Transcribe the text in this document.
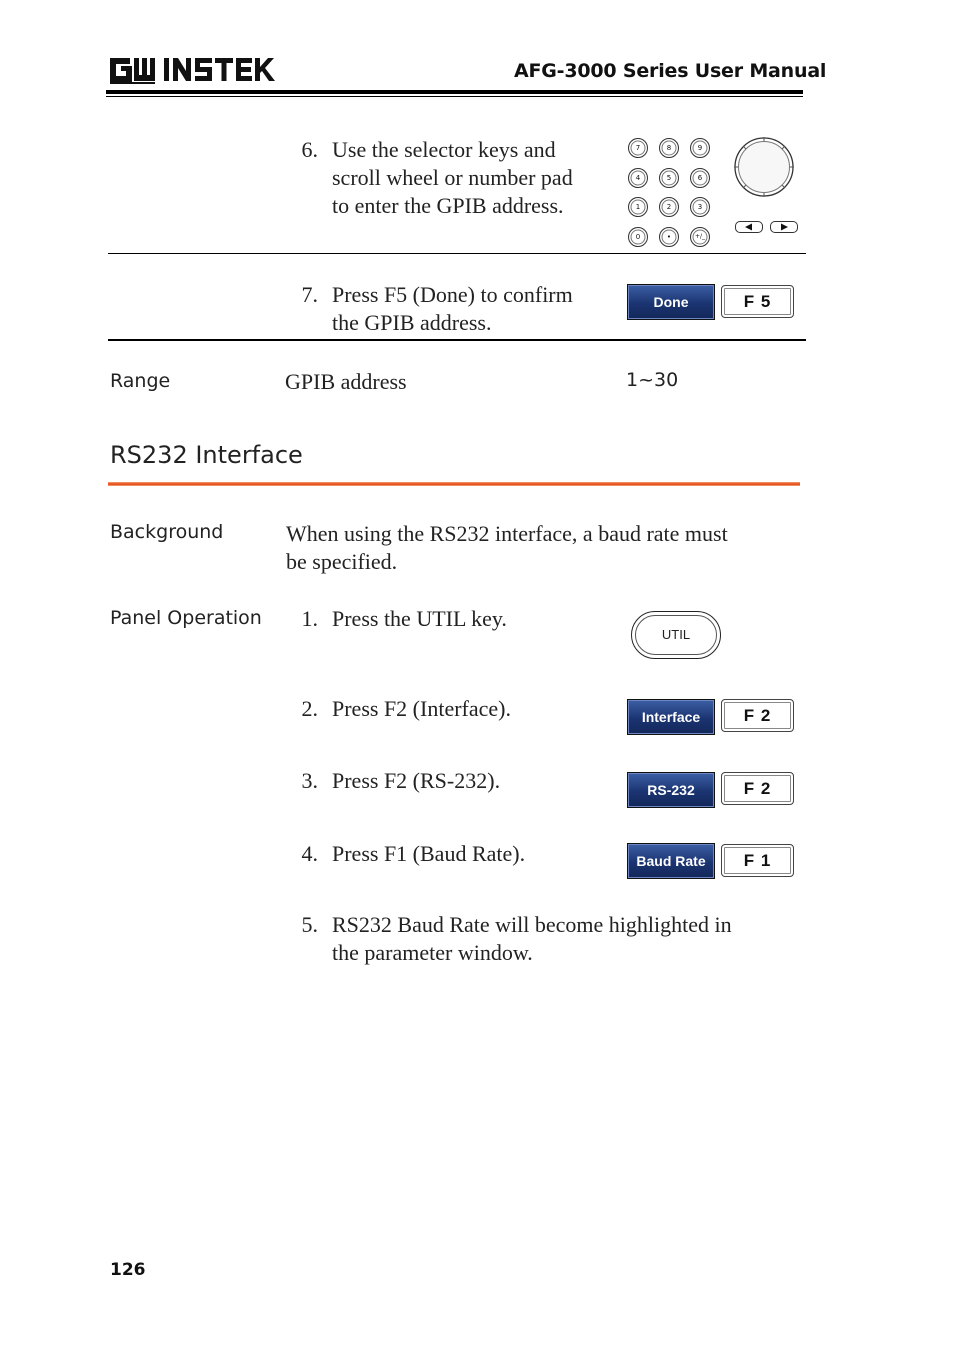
AFG-3000 Series User Manual
6. Use the selector keys and
scroll wheel or number pad
to enter the GPIB address.
7	8	9
4	5	6
1	2	3
0	•	+/_
7. Press F5 (Done) to confirm
the GPIB address.
Done	F 5
Range	GPIB address	1~30
RS232 Interface
Background	When using the RS232 interface, a baud rate must
be specified.
Panel Operation	1. Press the UTIL key.
UTIL
2. Press F2 (Interface).	Interface	F 2
3. Press F2 (RS-232).	RS-232	F 2
4. Press F1 (Baud Rate).	Baud Rate	F 1
5. RS232 Baud Rate will become highlighted in
the parameter window.
126
